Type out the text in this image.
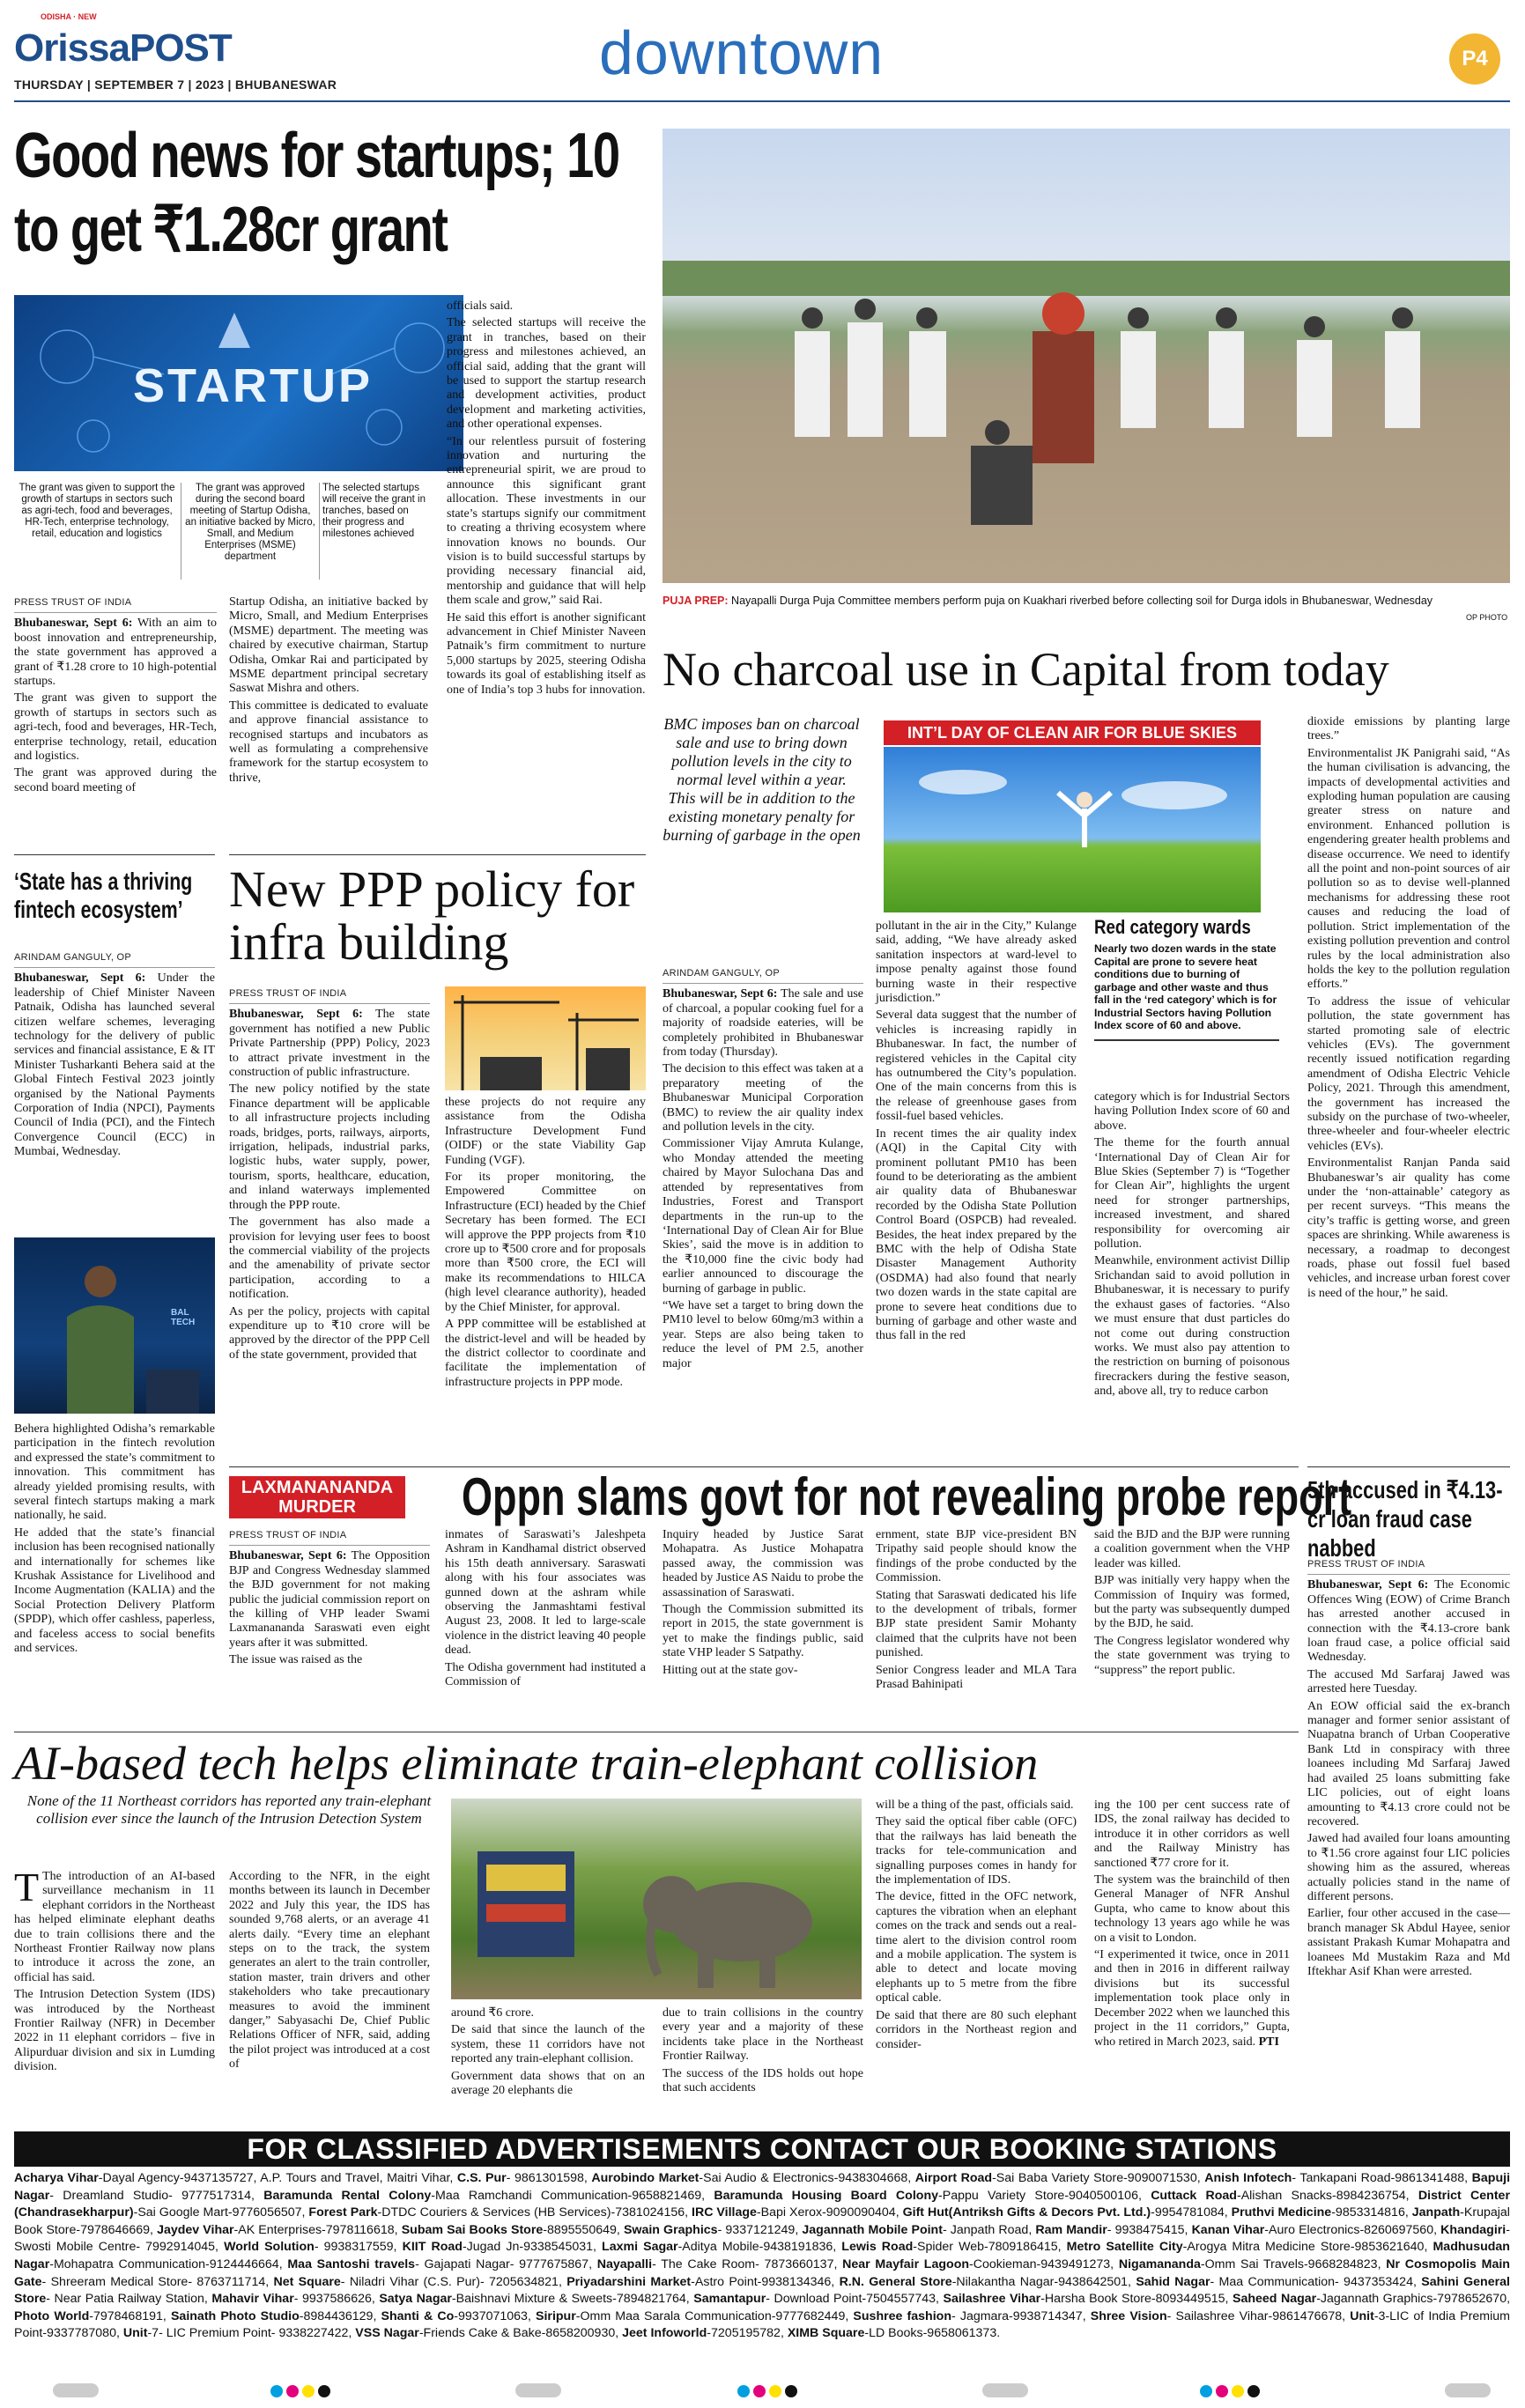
ODISHA · NEW
OrissaPOST
THURSDAY | SEPTEMBER 7 | 2023 | BHUBANESWAR	downtown	P4
Good news for startups; 10 to get ₹1.28cr grant
STARTUP
The grant was given to support the growth of startups in sectors such as agri-tech, food and beverages, HR-Tech, enterprise technology, retail, education and logistics
The grant was approved during the second board meeting of Startup Odisha, an initiative backed by Micro, Small, and Medium Enterprises (MSME) department
The selected startups will receive the grant in tranches, based on their progress and milestones achieved
PRESS TRUST OF INDIA

Bhubaneswar, Sept 6: With an aim to boost innovation and entrepreneurship, the state government has approved a grant of ₹1.28 crore to 10 high-potential startups.

The grant was given to support the growth of startups in sectors such as agri-tech, food and beverages, HR-Tech, enterprise technology, retail, education and logistics.

The grant was approved during the second board meeting of

Startup Odisha, an initiative backed by Micro, Small, and Medium Enterprises (MSME) department. The meeting was chaired by executive chairman, Startup Odisha, Omkar Rai and participated by MSME department principal secretary Saswat Mishra and others.

This committee is dedicated to evaluate and approve financial assistance to recognised startups and incubators as well as formulating a comprehensive framework for the startup ecosystem to thrive,

officials said.

The selected startups will receive the grant in tranches, based on their progress and milestones achieved, an official said, adding that the grant will be used to support the startup research and development activities, product development and marketing activities, and other operational expenses.

“In our relentless pursuit of fostering innovation and nurturing the entrepreneurial spirit, we are proud to announce this significant grant allocation. These investments in our state’s startups signify our commitment to creating a thriving ecosystem where innovation knows no bounds. Our vision is to build successful startups by providing necessary financial aid, mentorship and guidance that will help them scale and grow,” said Rai.

He said this effort is another significant advancement in Chief Minister Naveen Patnaik’s firm commitment to nurture 5,000 startups by 2025, steering Odisha towards its goal of establishing itself as one of India’s top 3 hubs for innovation.

PUJA PREP: Nayapalli Durga Puja Committee members perform puja on Kuakhari riverbed before collecting soil for Durga idols in Bhubaneswar, Wednesday
OP PHOTO
‘State has a thriving fintech ecosystem’
ARINDAM GANGULY, OP

Bhubaneswar, Sept 6: Under the leadership of Chief Minister Naveen Patnaik, Odisha has launched several citizen welfare schemes, leveraging technology for the delivery of public services and financial assistance, E & IT Minister Tusharkanti Behera said at the Global Fintech Festival 2023 jointly organised by the National Payments Corporation of India (NPCI), Payments Council of India (PCI), and the Fintech Convergence Council (ECC) in Mumbai, Wednesday.

BAL TECH

Behera highlighted Odisha’s remarkable participation in the fintech revolution and expressed the state’s commitment to innovation. This commitment has already yielded promising results, with several fintech startups making a mark nationally, he said.

He added that the state’s financial inclusion has been recognised nationally and internationally for schemes like Krushak Assistance for Livelihood and Income Augmentation (KALIA) and the Social Protection Delivery Platform (SPDP), which offer cashless, paperless, and faceless access to social benefits and services.

New PPP policy for infra building
PRESS TRUST OF INDIA

Bhubaneswar, Sept 6: The state government has notified a new Public Private Partnership (PPP) Policy, 2023 to attract private investment in the construction of public infrastructure.

The new policy notified by the state Finance department will be applicable to all infrastructure projects including roads, bridges, ports, railways, airports, irrigation, helipads, industrial parks, logistic hubs, water supply, power, tourism, sports, healthcare, education, and inland waterways implemented through the PPP route.

The government has also made a provision for levying user fees to boost the commercial viability of the projects and the amenability of private sector participation, according to a notification.

As per the policy, projects with capital expenditure up to ₹10 crore will be approved by the director of the PPP Cell of the state government, provided that

these projects do not require any assistance from the Odisha Infrastructure Development Fund (OIDF) or the state Viability Gap Funding (VGF).

For its proper monitoring, the Empowered Committee on Infrastructure (ECI) headed by the Chief Secretary has been formed. The ECI will approve the PPP projects from ₹10 crore up to ₹500 crore and for proposals more than ₹500 crore, the ECI will make its recommendations to HILCA (high level clearance authority), headed by the Chief Minister, for approval.

A PPP committee will be established at the district-level and will be headed by the district collector to coordinate and facilitate the implementation of infrastructure projects in PPP mode.

No charcoal use in Capital from today
BMC imposes ban on charcoal sale and use to bring down pollution levels in the city to normal level within a year. This will be in addition to the existing monetary penalty for burning of garbage in the open
INT’L DAY OF CLEAN AIR FOR BLUE SKIES
ARINDAM GANGULY, OP

Bhubaneswar, Sept 6: The sale and use of charcoal, a popular cooking fuel for a majority of roadside eateries, will be completely prohibited in Bhubaneswar from today (Thursday).

The decision to this effect was taken at a preparatory meeting of the Bhubaneswar Municipal Corporation (BMC) to review the air quality index and pollution levels in the city.

Commissioner Vijay Amruta Kulange, who Monday attended the meeting chaired by Mayor Sulochana Das and attended by representatives from Industries, Forest and Transport departments in the run-up to the ‘International Day of Clean Air for Blue Skies’, said the move is in addition to the ₹10,000 fine the civic body had earlier announced to discourage the burning of garbage in public.

“We have set a target to bring down the PM10 level to below 60mg/m3 within a year. Steps are also being taken to reduce the level of PM 2.5, another major

pollutant in the air in the City,” Kulange said, adding, “We have already asked sanitation inspectors at ward-level to impose penalty against those found burning waste in their respective jurisdiction.”

Several data suggest that the number of vehicles is increasing rapidly in Bhubaneswar. In fact, the number of registered vehicles in the Capital city has outnumbered the City’s population. One of the main concerns from this is the release of greenhouse gases from fossil-fuel based vehicles.

In recent times the air quality index (AQI) in the Capital City with prominent pollutant PM10 has been found to be deteriorating as the ambient air quality data of Bhubaneswar recorded by the Odisha State Pollution Control Board (OSPCB) had revealed. Besides, the heat index prepared by the BMC with the help of Odisha State Disaster Management Authority (OSDMA) had also found that nearly two dozen wards in the state capital are prone to severe heat conditions due to burning of garbage and other waste and thus fall in the red

Red category wards
Nearly two dozen wards in the state Capital are prone to severe heat conditions due to burning of garbage and other waste and thus fall in the ‘red category’ which is for Industrial Sectors having Pollution Index score of 60 and above.

category which is for Industrial Sectors having Pollution Index score of 60 and above.

The theme for the fourth annual ‘International Day of Clean Air for Blue Skies (September 7) is “Together for Clean Air”, highlights the urgent need for stronger partnerships, increased investment, and shared responsibility for overcoming air pollution.

Meanwhile, environment activist Dillip Srichandan said to avoid pollution in Bhubaneswar, it is necessary to purify the exhaust gases of factories. “Also we must ensure that dust particles do not come out during construction works. We must also pay attention to the restriction on burning of poisonous firecrackers during the festive season, and, above all, try to reduce carbon

dioxide emissions by planting large trees.”

Environmentalist JK Panigrahi said, “As the human civilisation is advancing, the impacts of developmental activities and exploding human population are causing greater stress on nature and environment. Enhanced pollution is engendering greater health problems and disease occurrence. We need to identify all the point and non-point sources of air pollution so as to devise well-planned mechanisms for addressing these root causes and reducing the load of pollution. Strict implementation of the existing pollution prevention and control rules by the local administration also holds the key to the pollution regulation efforts.”

To address the issue of vehicular pollution, the state government has started promoting sale of electric vehicles (EVs). The government recently issued notification regarding amendment of Odisha Electric Vehicle Policy, 2021. Through this amendment, the government has increased the subsidy on the purchase of two-wheeler, three-wheeler and four-wheeler electric vehicles (EVs).

Environmentalist Ranjan Panda said Bhubaneswar’s air quality has come under the ‘non-attainable’ category as per recent surveys. “This means the city’s traffic is getting worse, and green spaces are shrinking. While awareness is necessary, a roadmap to decongest roads, phase out fossil fuel based vehicles, and increase urban forest cover is need of the hour,” he said.

LAXMANANANDA MURDER	Oppn slams govt for not revealing probe report
PRESS TRUST OF INDIA

Bhubaneswar, Sept 6: The Opposition BJP and Congress Wednesday slammed the BJD government for not making public the judicial commission report on the killing of VHP leader Swami Laxmanananda Saraswati even eight years after it was submitted.

The issue was raised as the

inmates of Saraswati’s Jaleshpeta Ashram in Kandhamal district observed his 15th death anniversary. Saraswati along with his four associates was gunned down at the ashram while observing the Janmashtami festival August 23, 2008. It led to large-scale violence in the district leaving 40 people dead.

The Odisha government had instituted a Commission of

Inquiry headed by Justice Sarat Mohapatra. As Justice Mohapatra passed away, the commission was headed by Justice AS Naidu to probe the assassination of Saraswati.

Though the Commission submitted its report in 2015, the state government is yet to make the findings public, said state VHP leader S Satpathy.

Hitting out at the state gov-

ernment, state BJP vice-president BN Tripathy said people should know the findings of the probe conducted by the Commission.

Stating that Saraswati dedicated his life to the development of tribals, former BJP state president Samir Mohanty claimed that the culprits have not been punished.

Senior Congress leader and MLA Tara Prasad Bahinipati

said the BJD and the BJP were running a coalition government when the VHP leader was killed.

BJP was initially very happy when the Commission of Inquiry was formed, but the party was subsequently dumped by the BJD, he said.

The Congress legislator wondered why the state government was trying to “suppress” the report public.

5th accused in ₹4.13-cr loan fraud case nabbed
PRESS TRUST OF INDIA

Bhubaneswar, Sept 6: The Economic Offences Wing (EOW) of Crime Branch has arrested another accused in connection with the ₹4.13-crore bank loan fraud case, a police official said Wednesday.

The accused Md Sarfaraj Jawed was arrested here Tuesday.

An EOW official said the ex-branch manager and former senior assistant of Nuapatna branch of Urban Cooperative Bank Ltd in conspiracy with three loanees including Md Sarfaraj Jawed had availed 25 loans submitting fake LIC policies, out of eight loans amounting to ₹4.13 crore could not be recovered.

Jawed had availed four loans amounting to ₹1.56 crore against four LIC policies showing him as the assured, whereas actually policies stand in the name of different persons.

Earlier, four other accused in the case—branch manager Sk Abdul Hayee, senior assistant Prakash Kumar Mohapatra and loanees Md Mustakim Raza and Md Iftekhar Asif Khan were arrested.

AI-based tech helps eliminate train-elephant collision
None of the 11 Northeast corridors has reported any train-elephant collision ever since the launch of the Intrusion Detection System

T The introduction of an AI-based surveillance mechanism in 11 elephant corridors in the Northeast has helped eliminate elephant deaths due to train collisions there and the Northeast Frontier Railway now plans to introduce it across the zone, an official has said.

The Intrusion Detection System (IDS) was introduced by the Northeast Frontier Railway (NFR) in December 2022 in 11 elephant corridors – five in Alipurduar division and six in Lumding division.

According to the NFR, in the eight months between its launch in December 2022 and July this year, the IDS has sounded 9,768 alerts, or an average 41 alerts daily. “Every time an elephant steps on to the track, the system generates an alert to the train controller, station master, train drivers and other stakeholders who take precautionary measures to avoid the imminent danger,” Sabyasachi De, Chief Public Relations Officer of NFR, said, adding the pilot project was introduced at a cost of

around ₹6 crore.

De said that since the launch of the system, these 11 corridors have not reported any train-elephant collision.

Government data shows that on an average 20 elephants die

due to train collisions in the country every year and a majority of these incidents take place in the Northeast Frontier Railway.

The success of the IDS holds out hope that such accidents

will be a thing of the past, officials said.

They said the optical fiber cable (OFC) that the railways has laid beneath the tracks for tele-communication and signalling purposes comes in handy for the implementation of IDS.

The device, fitted in the OFC network, captures the vibration when an elephant comes on the track and sends out a real-time alert to the division control room and a mobile application. The system is able to detect and locate moving elephants up to 5 metre from the fibre optical cable.

De said that there are 80 such elephant corridors in the Northeast region and consider-

ing the 100 per cent success rate of IDS, the zonal railway has decided to introduce it in other corridors as well and the Railway Ministry has sanctioned ₹77 crore for it.

The system was the brainchild of then General Manager of NFR Anshul Gupta, who came to know about this technology 13 years ago while he was on a visit to London.

“I experimented it twice, once in 2011 and then in 2016 in different railway divisions but its successful implementation took place only in December 2022 when we launched this project in the 11 corridors,” Gupta, who retired in March 2023, said. PTI

FOR CLASSIFIED ADVERTISEMENTS CONTACT OUR BOOKING STATIONS
Acharya Vihar-Dayal Agency-9437135727, A.P. Tours and Travel, Maitri Vihar, C.S. Pur- 9861301598, Aurobindo Market-Sai Audio & Electronics-9438304668, Airport Road-Sai Baba Variety Store-9090071530, Anish Infotech- Tankapani Road-9861341488, Bapuji Nagar- Dreamland Studio- 9777517314, Baramunda Rental Colony-Maa Ramchandi Communication-9658821469, Baramunda Housing Board Colony-Pappu Variety Store-9040500106, Cuttack Road-Alishan Snacks-8984236754, District Center (Chandrasekharpur)-Sai Google Mart-9776056507, Forest Park-DTDC Couriers & Services (HB Services)-7381024156, IRC Village-Bapi Xerox-9090090404, Gift Hut(Antriksh Gifts & Decors Pvt. Ltd.)-9954781084, Pruthvi Medicine-9853314816, Janpath-Krupajal Book Store-7978646669, Jaydev Vihar-AK Enterprises-7978116618, Subam Sai Books Store-8895550649, Swain Graphics- 9337121249, Jagannath Mobile Point- Janpath Road, Ram Mandir- 9938475415, Kanan Vihar-Auro Electronics-8260697560, Khandagiri- Swosti Mobile Centre- 7992914045, World Solution- 9938317559, KIIT Road-Jugad Jn-9338545031, Laxmi Sagar-Aditya Mobile-9438191836, Lewis Road-Spider Web-7809186415, Metro Satellite City-Arogya Mitra Medicine Store-9853621640, Madhusudan Nagar-Mohapatra Communication-9124446664, Maa Santoshi travels- Gajapati Nagar- 9777675867, Nayapalli- The Cake Room- 7873660137, Near Mayfair Lagoon-Cookieman-9439491273, Nigamananda-Omm Sai Travels-9668284823, Nr Cosmopolis Main Gate- Shreeram Medical Store- 8763711714, Net Square- Niladri Vihar (C.S. Pur)- 7205634821, Priyadarshini Market-Astro Point-9938134346, R.N. General Store-Nilakantha Nagar-9438642501, Sahid Nagar- Maa Communication- 9437353424, Sahini General Store- Near Patia Railway Station, Mahavir Vihar- 9937586626, Satya Nagar-Baishnavi Mixture & Sweets-7894821764, Samantapur- Download Point-7504557743, Sailashree Vihar-Harsha Book Store-8093449515, Saheed Nagar-Jagannath Graphics-7978652670, Photo World-7978468191, Sainath Photo Studio-8984436129, Shanti & Co-9937071063, Siripur-Omm Maa Sarala Communication-9777682449, Sushree fashion- Jagmara-9938714347, Shree Vision- Sailashree Vihar-9861476678, Unit-3-LIC of India Premium Point-9337787080, Unit-7- LIC Premium Point- 9338227422, VSS Nagar-Friends Cake & Bake-8658200930, Jeet Infoworld-7205195782, XIMB Square-LD Books-9658061373.
